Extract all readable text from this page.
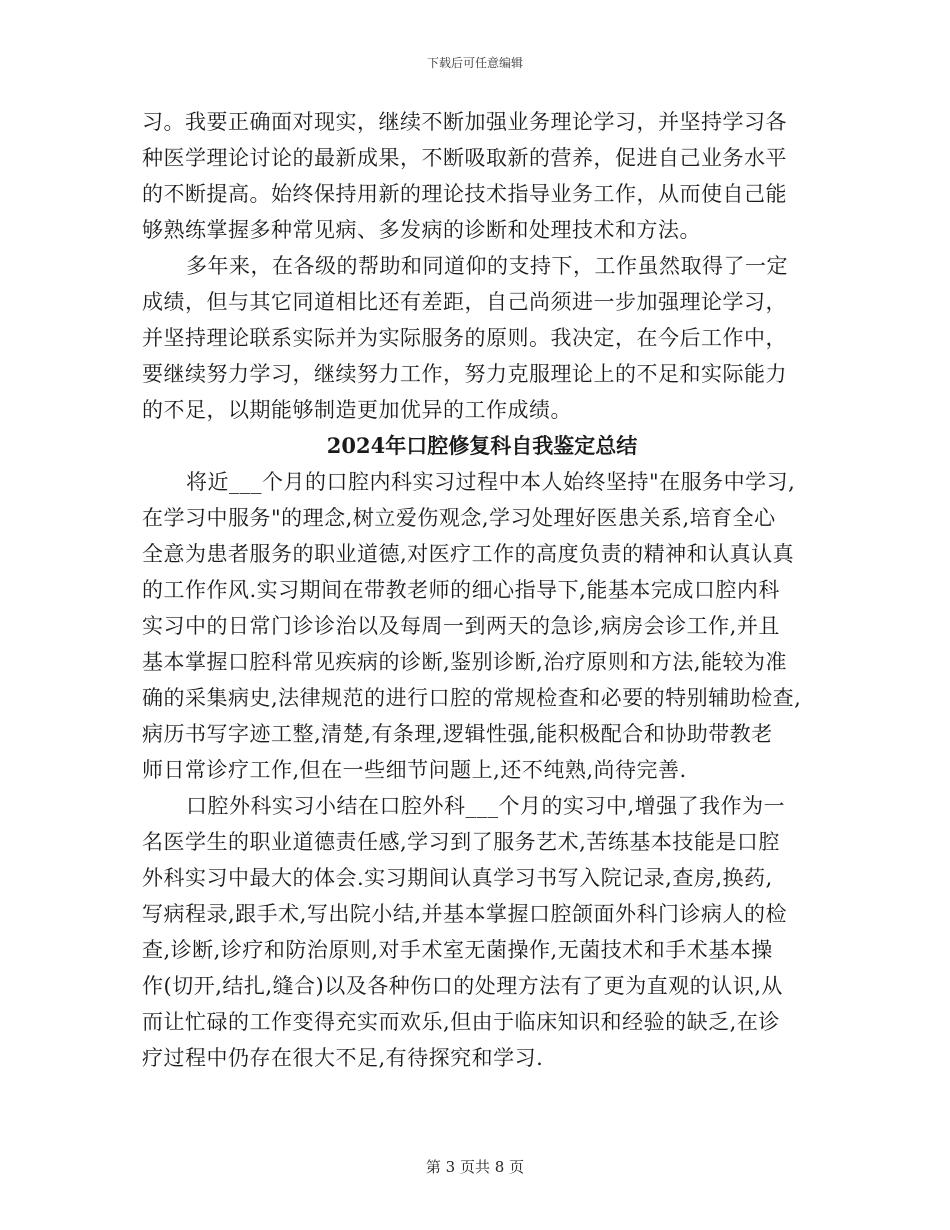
下载后可任意编辑
习。我要正确面对现实，继续不断加强业务理论学习，并坚持学习各
种医学理论讨论的最新成果，不断吸取新的营养，促进自己业务水平
的不断提高。始终保持用新的理论技术指导业务工作，从而使自己能
够熟练掌握多种常见病、多发病的诊断和处理技术和方法。
多年来，在各级的帮助和同道仰的支持下，工作虽然取得了一定
成绩，但与其它同道相比还有差距，自己尚须进一步加强理论学习，
并坚持理论联系实际并为实际服务的原则。我决定，在今后工作中，
要继续努力学习，继续努力工作，努力克服理论上的不足和实际能力
的不足，以期能够制造更加优异的工作成绩。
2024年口腔修复科自我鉴定总结
将近___个月的口腔内科实习过程中本人始终坚持"在服务中学习,
在学习中服务"的理念,树立爱伤观念,学习处理好医患关系,培育全心
全意为患者服务的职业道德,对医疗工作的高度负责的精神和认真认真
的工作作风.实习期间在带教老师的细心指导下,能基本完成口腔内科
实习中的日常门诊诊治以及每周一到两天的急诊,病房会诊工作,并且
基本掌握口腔科常见疾病的诊断,鉴别诊断,治疗原则和方法,能较为准
确的采集病史,法律规范的进行口腔的常规检查和必要的特别辅助检查,
病历书写字迹工整,清楚,有条理,逻辑性强,能积极配合和协助带教老
师日常诊疗工作,但在一些细节问题上,还不纯熟,尚待完善.
口腔外科实习小结在口腔外科___个月的实习中,增强了我作为一
名医学生的职业道德责任感,学习到了服务艺术,苦练基本技能是口腔
外科实习中最大的体会.实习期间认真学习书写入院记录,查房,换药,
写病程录,跟手术,写出院小结,并基本掌握口腔颌面外科门诊病人的检
查,诊断,诊疗和防治原则,对手术室无菌操作,无菌技术和手术基本操
作(切开,结扎,缝合)以及各种伤口的处理方法有了更为直观的认识,从
而让忙碌的工作变得充实而欢乐,但由于临床知识和经验的缺乏,在诊
疗过程中仍存在很大不足,有待探究和学习.
第 3 页共 8 页
